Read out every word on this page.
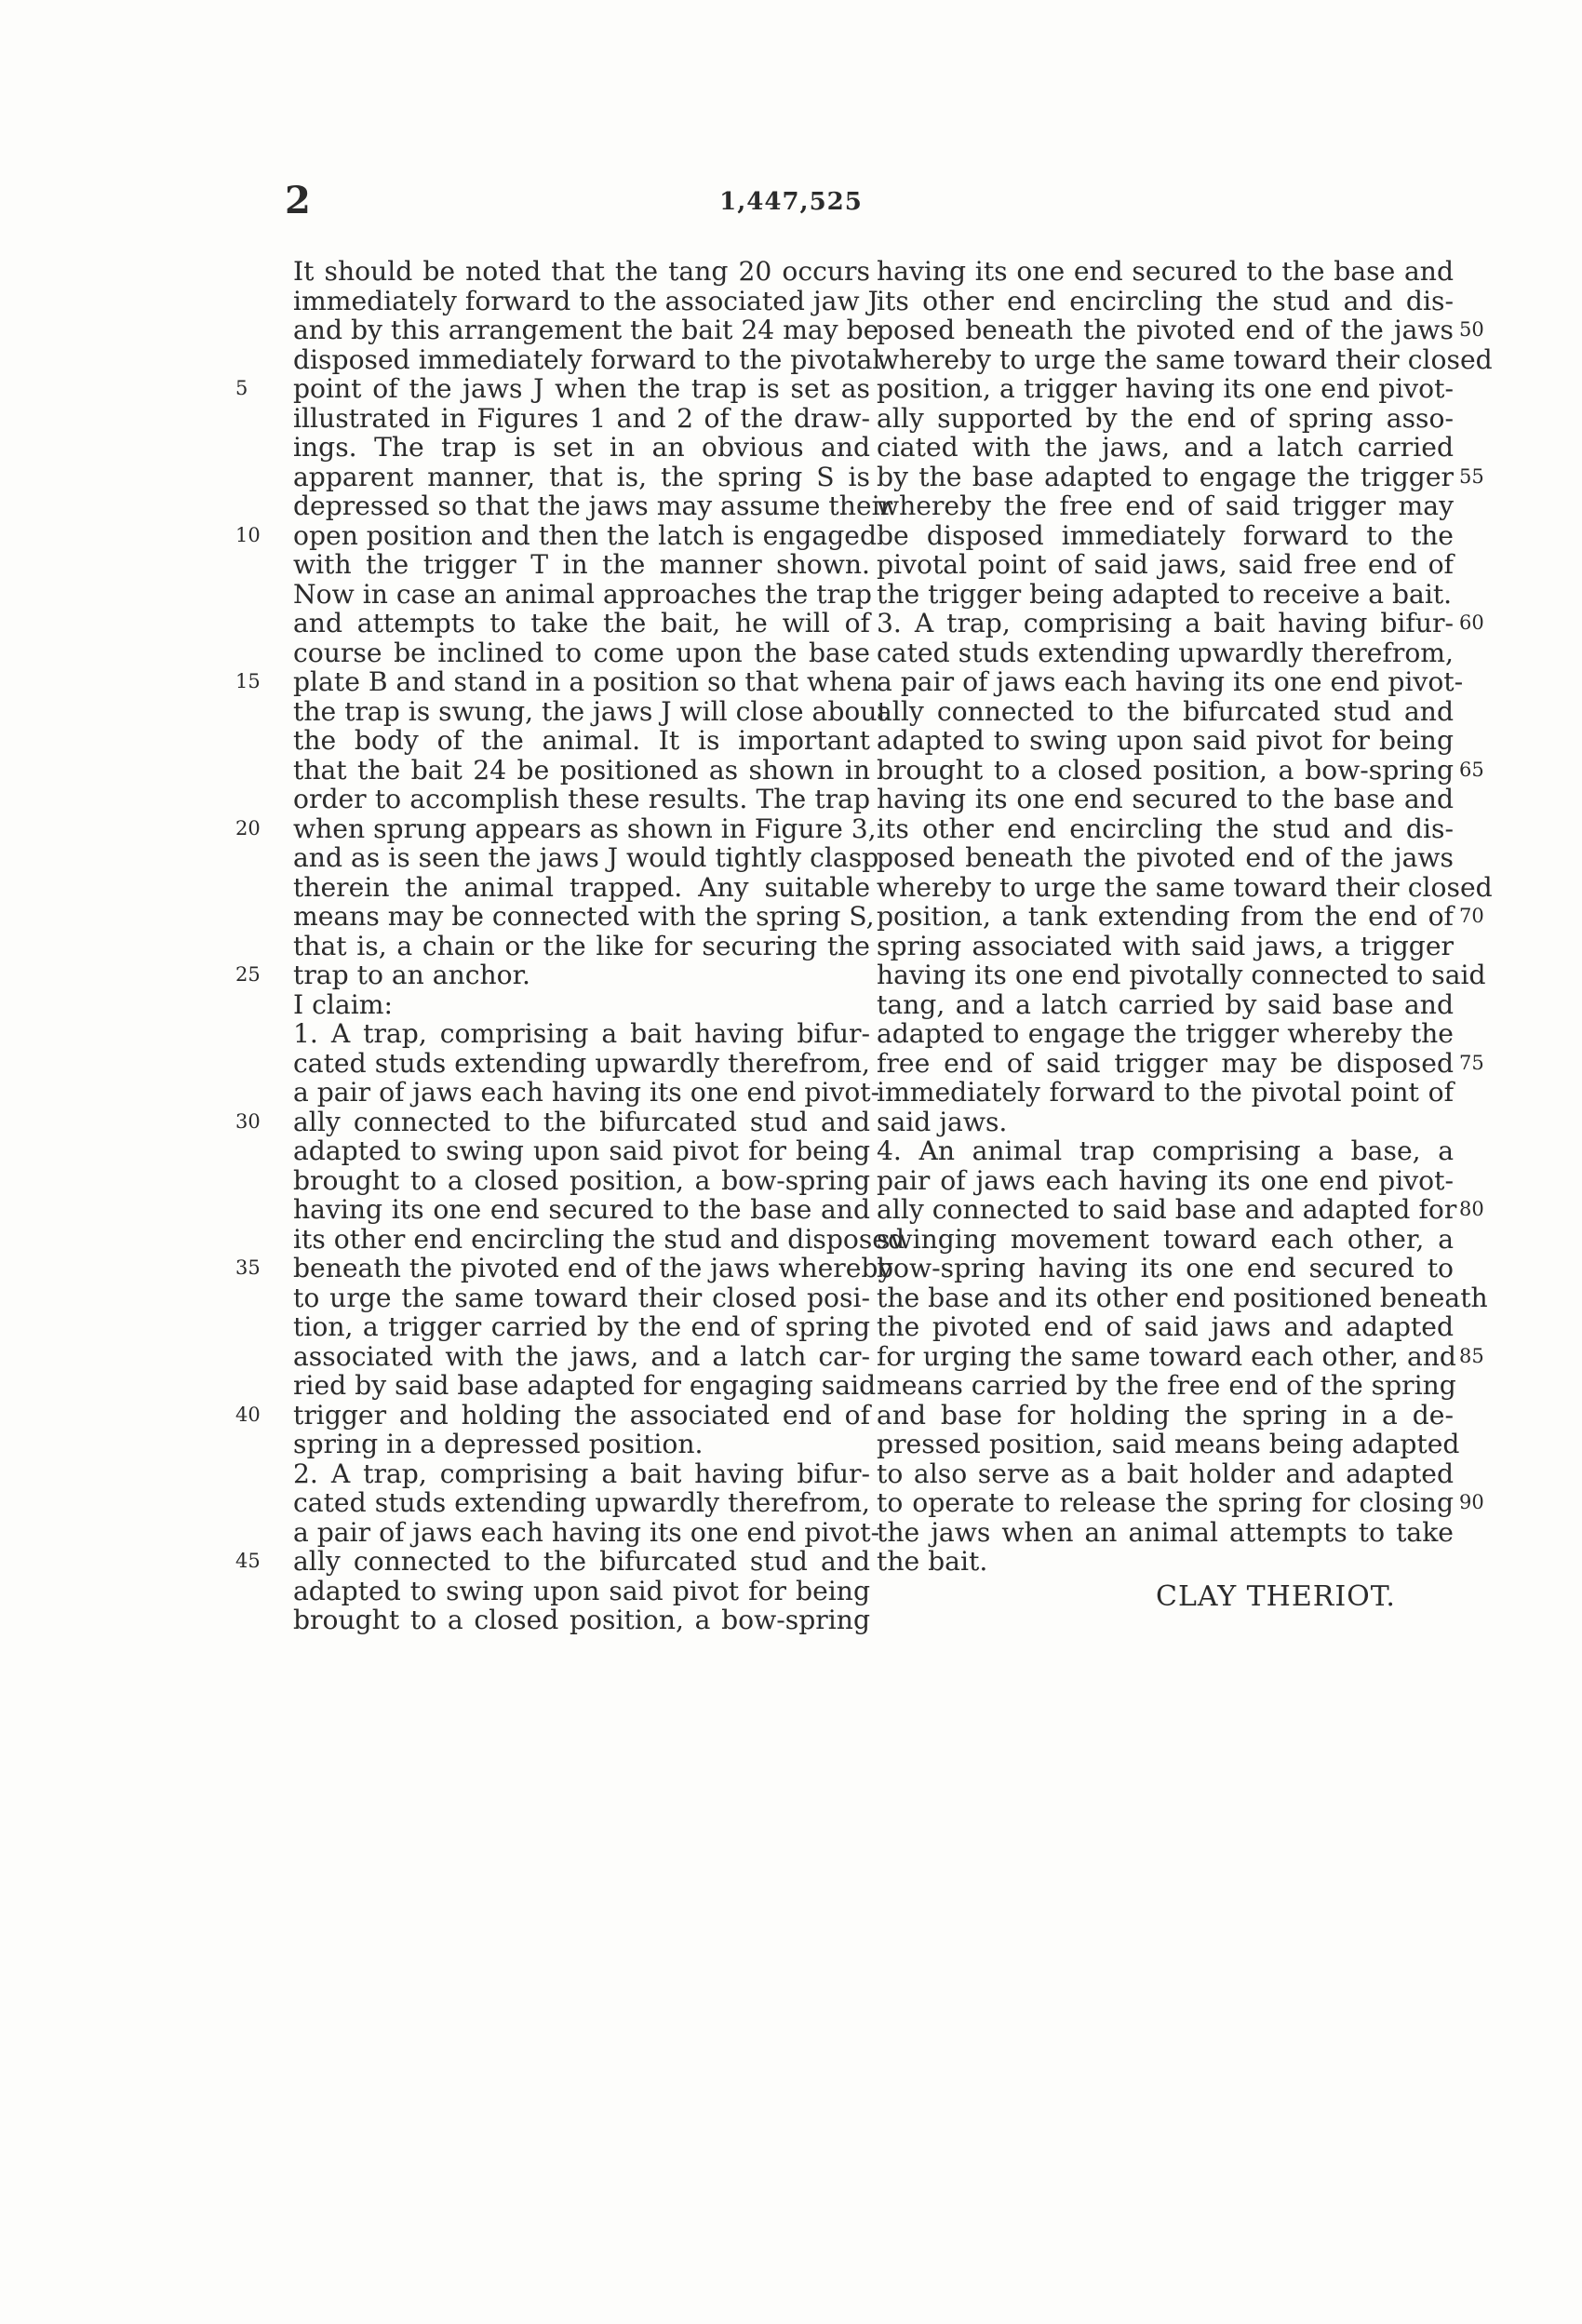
2	1,447,525
It should be noted that the tang 20 occurs
immediately forward to the associated jaw J
and by this arrangement the bait 24 may be
disposed immediately forward to the pivotal
point of the jaws J when the trap is set as
illustrated in Figures 1 and 2 of the draw-
ings. The trap is set in an obvious and
apparent manner, that is, the spring S is
depressed so that the jaws may assume their
open position and then the latch is engaged
with the trigger T in the manner shown.
Now in case an animal approaches the trap
and attempts to take the bait, he will of
course be inclined to come upon the base
plate B and stand in a position so that when
the trap is swung, the jaws J will close about
the body of the animal. It is important
that the bait 24 be positioned as shown in
order to accomplish these results. The trap
when sprung appears as shown in Figure 3,
and as is seen the jaws J would tightly clasp
therein the animal trapped. Any suitable
means may be connected with the spring S,
that is, a chain or the like for securing the
trap to an anchor.
I claim:
1. A trap, comprising a bait having bifur-
cated studs extending upwardly therefrom,
a pair of jaws each having its one end pivot-
ally connected to the bifurcated stud and
adapted to swing upon said pivot for being
brought to a closed position, a bow-spring
having its one end secured to the base and
its other end encircling the stud and disposed
beneath the pivoted end of the jaws whereby
to urge the same toward their closed posi-
tion, a trigger carried by the end of spring
associated with the jaws, and a latch car-
ried by said base adapted for engaging said
trigger and holding the associated end of
spring in a depressed position.
2. A trap, comprising a bait having bifur-
cated studs extending upwardly therefrom,
a pair of jaws each having its one end pivot-
ally connected to the bifurcated stud and
adapted to swing upon said pivot for being
brought to a closed position, a bow-spring
5
10
15
20
25
30
35
40
45
having its one end secured to the base and
its other end encircling the stud and dis-
posed beneath the pivoted end of the jaws
whereby to urge the same toward their closed
position, a trigger having its one end pivot-
ally supported by the end of spring asso-
ciated with the jaws, and a latch carried
by the base adapted to engage the trigger
whereby the free end of said trigger may
be disposed immediately forward to the
pivotal point of said jaws, said free end of
the trigger being adapted to receive a bait.
3. A trap, comprising a bait having bifur-
cated studs extending upwardly therefrom,
a pair of jaws each having its one end pivot-
ally connected to the bifurcated stud and
adapted to swing upon said pivot for being
brought to a closed position, a bow-spring
having its one end secured to the base and
its other end encircling the stud and dis-
posed beneath the pivoted end of the jaws
whereby to urge the same toward their closed
position, a tank extending from the end of
spring associated with said jaws, a trigger
having its one end pivotally connected to said
tang, and a latch carried by said base and
adapted to engage the trigger whereby the
free end of said trigger may be disposed
immediately forward to the pivotal point of
said jaws.
4. An animal trap comprising a base, a
pair of jaws each having its one end pivot-
ally connected to said base and adapted for
swinging movement toward each other, a
bow-spring having its one end secured to
the base and its other end positioned beneath
the pivoted end of said jaws and adapted
for urging the same toward each other, and
means carried by the free end of the spring
and base for holding the spring in a de-
pressed position, said means being adapted
to also serve as a bait holder and adapted
to operate to release the spring for closing
the jaws when an animal attempts to take
the bait.
50
55
60
65
70
75
80
85
90
CLAY THERIOT.
